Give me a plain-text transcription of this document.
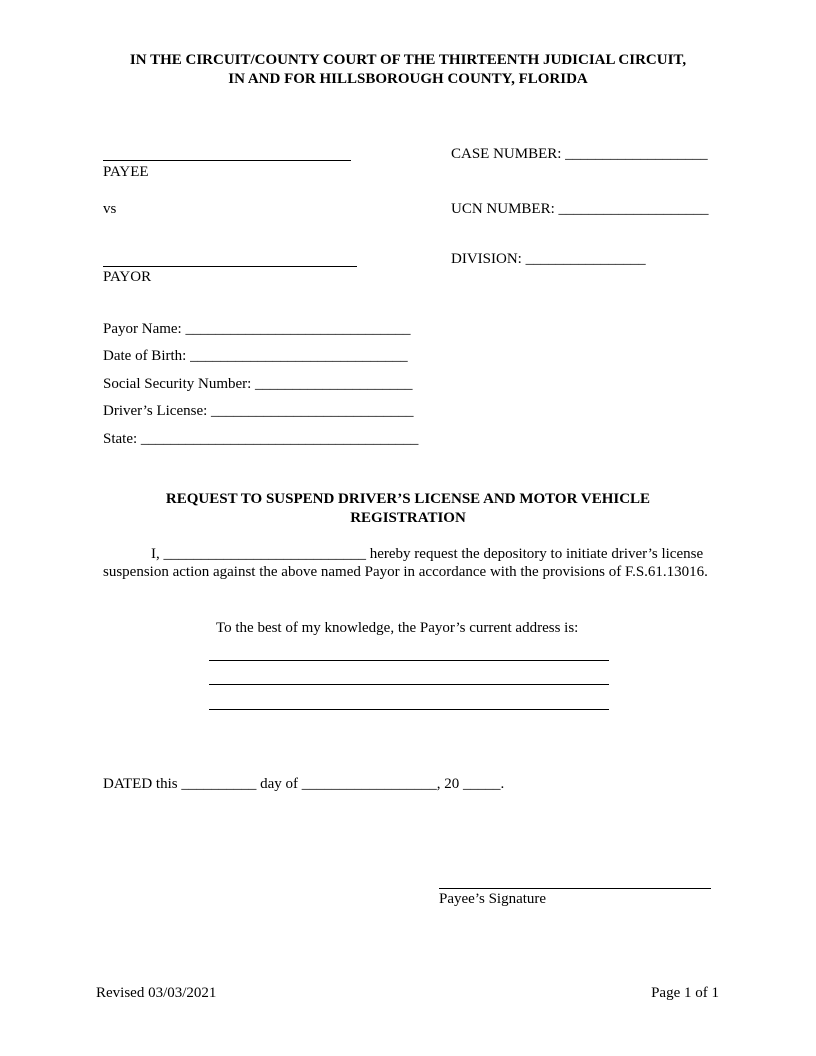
IN THE CIRCUIT/COUNTY COURT OF THE THIRTEENTH JUDICIAL CIRCUIT,
IN AND FOR HILLSBOROUGH COUNTY, FLORIDA
PAYEE
vs
PAYOR
CASE NUMBER: ___________________
UCN NUMBER: ____________________
DIVISION: ________________
Payor Name: ______________________________
Date of Birth: _____________________________
Social Security Number: _____________________
Driver’s License: ___________________________
State: _____________________________________
REQUEST TO SUSPEND DRIVER’S LICENSE AND MOTOR VEHICLE
REGISTRATION
I, ___________________________ hereby request the depository to initiate driver’s license suspension action against the above named Payor in accordance with the provisions of F.S.61.13016.
To the best of my knowledge, the Payor’s current address is:
DATED this __________ day of __________________, 20 _____.
Payee’s Signature
Revised 03/03/2021	Page 1 of 1
